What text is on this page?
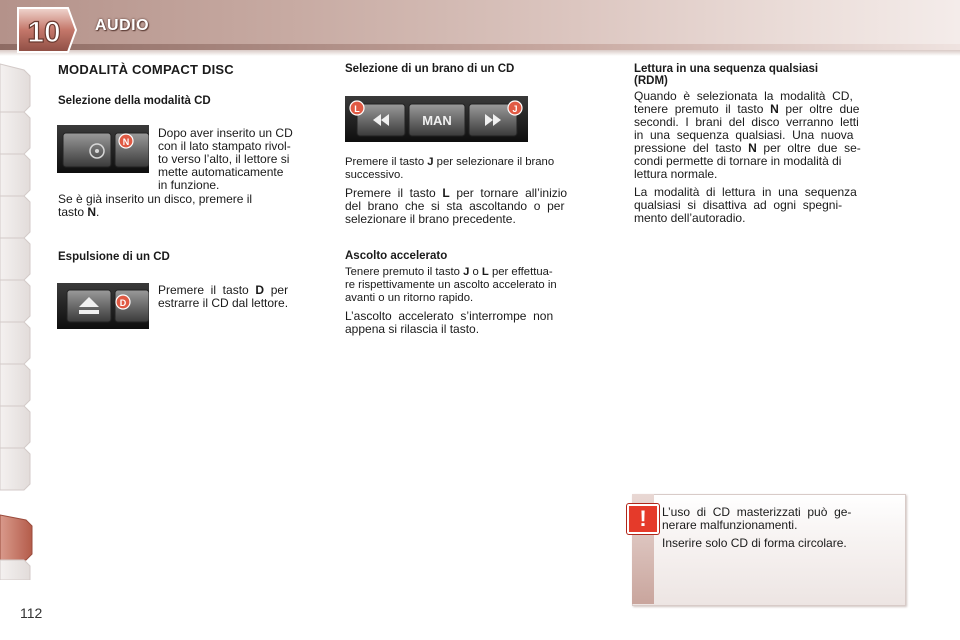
10 AUDIO
MODALITÀ COMPACT DISC
Selezione della modalità CD
N

Dopo aver inserito un CD

con il lato stampato rivol-

to verso l’alto, il lettore si

mette automaticamente

in funzione.

Se è già inserito un disco, premere il

tasto N.

Espulsione di un CD
D

Premere  il  tasto  D  per

estrarre il CD dal lettore.

Selezione di un brano di un CD
MAN
L	J

Premere il tasto J per selezionare il brano

successivo.

Premere  il  tasto  L  per  tornare  all’inizio

del  brano  che  si  sta  ascoltando  o  per

selezionare il brano precedente.

Ascolto accelerato

Tenere premuto il tasto J o L per effettua-

re rispettivamente un ascolto accelerato in

avanti o un ritorno rapido.

L’ascolto  accelerato  s’interrompe  non

appena si rilascia il tasto.

Lettura in una sequenza qualsiasi
(RDM)

Quando  è  selezionata  la  modalità  CD,

tenere  premuto  il  tasto  N  per  oltre  due

secondi.  I  brani  del  disco  verranno  letti

in  una  sequenza  qualsiasi.  Una  nuova

pressione  del  tasto  N  per  oltre  due  se-

condi permette di tornare in modalità di

lettura normale.

La  modalità  di  lettura  in  una  sequenza

qualsiasi  si  disattiva  ad  ogni  spegni-

mento dell’autoradio.

!	L’uso  di  CD  masterizzati  può  ge-

nerare malfunzionamenti.

Inserire solo CD di forma circolare.

112
